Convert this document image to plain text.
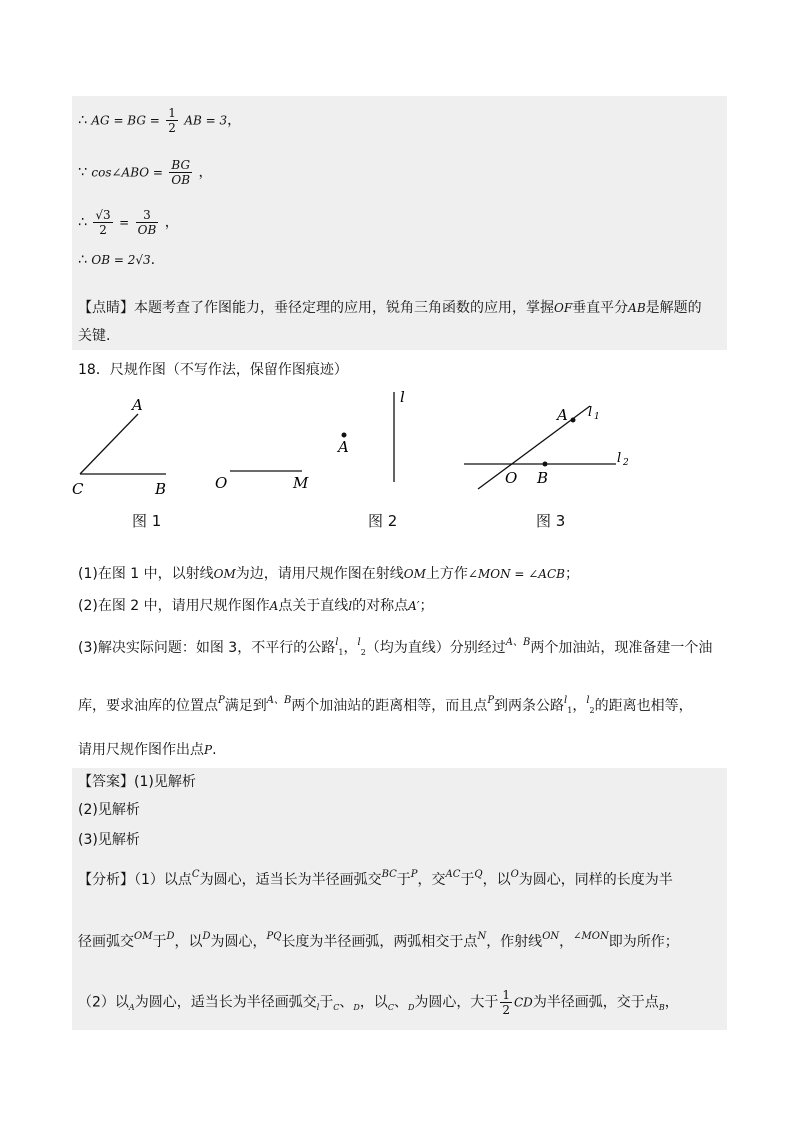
∴ AG = BG = $\frac{1}{2}$ AB = 3，
∵ cos∠ABO = $\frac{BG}{OB}$ ，
∴ $\frac{√3}{2} = \frac{3}{OB}$ ，
∴ OB = 2√3.
【点睛】本题考查了作图能力，垂径定理的应用，锐角三角函数的应用，掌握OF垂直平分AB是解题的
关键.
18．尺规作图（不写作法，保留作图痕迹）
A
C	B	O	M
A
l
A l 1
l 2
O B
图 1	图 2	图 3
(1)在图 1 中，以射线OM为边，请用尺规作图在射线OM上方作∠MON = ∠ACB；
(2)在图 2 中，请用尺规作图作A点关于直线l的对称点A′；
(3)解决实际问题：如图 3，不平行的公路$^l_1$，$^l_2$（均为直线）分别经过$^{A、B}$两个加油站，现准备建一个油
库，要求油库的位置点$^P$满足到$^{A、B}$两个加油站的距离相等，而且点$^P$到两条公路$^l_1$，$^l_2$的距离也相等，
请用尺规作图作出点P.
【答案】(1)见解析
(2)见解析
(3)见解析
【分析】（1）以点$^C$为圆心，适当长为半径画弧交$^{BC}$于$^P$，交$^{AC}$于$^Q$，以$^O$为圆心，同样的长度为半
径画弧交$^{OM}$于$^D$，以$^D$为圆心，$^{PQ}$长度为半径画弧，两弧相交于点$^N$，作射线$^{ON}$，$^{\angle MON}$即为所作；
（2）以$_A$为圆心，适当长为半径画弧交$_l$于$_C$、$_D$，以$_C$、$_D$为圆心，大于 $\frac{1}{2}$ CD为半径画弧，交于点$_B$，
